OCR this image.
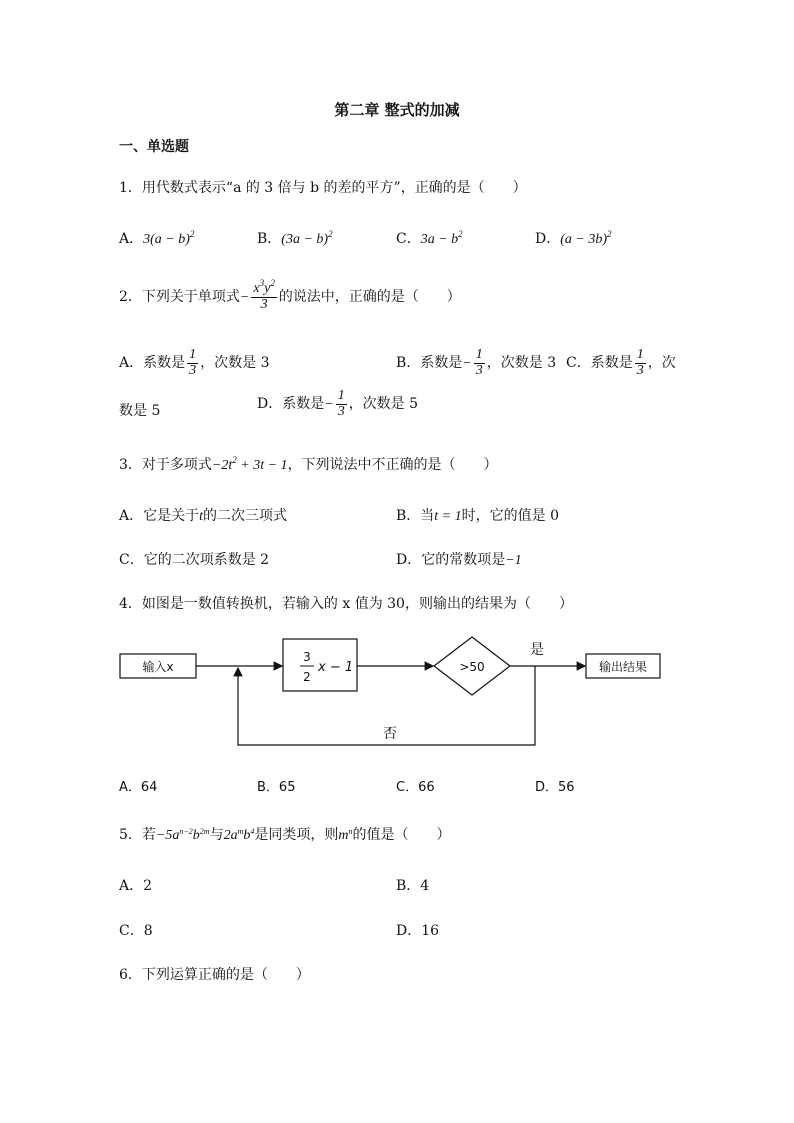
第二章 整式的加减
一、单选题
1．用代数式表示“a 的 3 倍与 b 的差的平方”，正确的是（　　）
A．$3(a - b)^2$	B．$(3a - b)^2$	C．$3a - b^2$	D．$(a - 3b)^2$
2．下列关于单项式− $\frac{x^3y^2}{3}$ 的说法中，正确的是（　　）
A．系数是 $\frac{1}{3}$ ，次数是 3	B．系数是− $\frac{1}{3}$ ，次数是 3 C．系数是 $\frac{1}{3}$ ，次
数是 5	D．系数是− $\frac{1}{3}$ ，次数是 5
3．对于多项式$-2t^2 + 3t - 1$，下列说法中不正确的是（　　）
A．它是关于t的二次三项式	B．当t = 1时，它的值是 0
C．它的二次项系数是 2	D．它的常数项是−1
4．如图是一数值转换机，若输入的 x 值为 30，则输出的结果为（　　）
输入x
3
2
x − 1	>50
是
输出结果
否
A．64	B．65	C．66	D．56
5．若$-5a^{n-2}b^{2m}$与$2a^mb^4$是同类项，则$m^n$的值是（　　）
A．2	B．4
C．8	D．16
6．下列运算正确的是（　　）
